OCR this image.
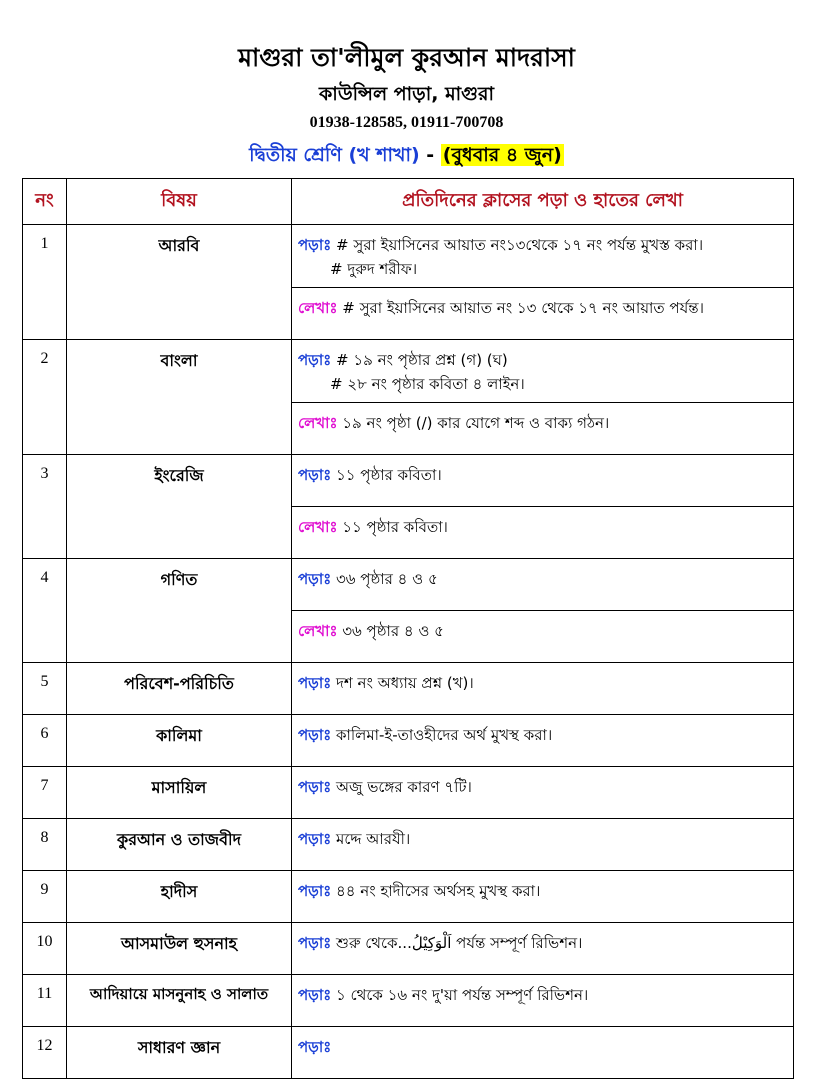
মাগুরা তা'লীমুল কুরআন মাদরাসা
কাউন্সিল পাড়া, মাগুরা
01938-128585, 01911-700708
দ্বিতীয় শ্রেণি (খ শাখা) - (বুধবার ৪ জুন)
নং	বিষয়	প্রতিদিনের ক্লাসের পড়া ও হাতের লেখা
1	আরবি	পড়াঃ # সুরা ইয়াসিনের আয়াত নং১৩থেকে ১৭ নং পর্যন্ত মুখস্ত করা।
# দুরুদ শরীফ।

		লেখাঃ # সুরা ইয়াসিনের আয়াত নং ১৩ থেকে ১৭ নং আয়াত পর্যন্ত।
2	বাংলা	পড়াঃ # ১৯ নং পৃষ্ঠার প্রশ্ন (গ) (ঘ)
# ২৮ নং পৃষ্ঠার কবিতা ৪ লাইন।

		লেখাঃ ১৯ নং পৃষ্ঠা (/) কার যোগে শব্দ ও বাক্য গঠন।
3	ইংরেজি	পড়াঃ ১১ পৃষ্ঠার কবিতা।
		লেখাঃ ১১ পৃষ্ঠার কবিতা।
4	গণিত	পড়াঃ ৩৬ পৃষ্ঠার ৪ ও ৫
		লেখাঃ ৩৬ পৃষ্ঠার ৪ ও ৫
5	পরিবেশ-পরিচিতি	পড়াঃ দশ নং অধ্যায় প্রশ্ন (খ)।
6	কালিমা	পড়াঃ কালিমা-ই-তাওহীদের অর্থ মুখস্থ করা।
7	মাসায়িল	পড়াঃ অজু ভঙ্গের কারণ ৭টি।
8	কুরআন ও তাজবীদ	পড়াঃ মদ্দে আরযী।
9	হাদীস	পড়াঃ ৪৪ নং হাদীসের অর্থসহ মুখস্থ করা।
10	আসমাউল হুসনাহ	পড়াঃ শুরু থেকে...اَلْوَكِيْلُ পর্যন্ত সম্পূর্ণ রিভিশন।
11	আদিয়ায়ে মাসনুনাহ ও সালাত	পড়াঃ ১ থেকে ১৬ নং দু'য়া পর্যন্ত সম্পূর্ণ রিভিশন।
12	সাধারণ জ্ঞান	পড়াঃ
